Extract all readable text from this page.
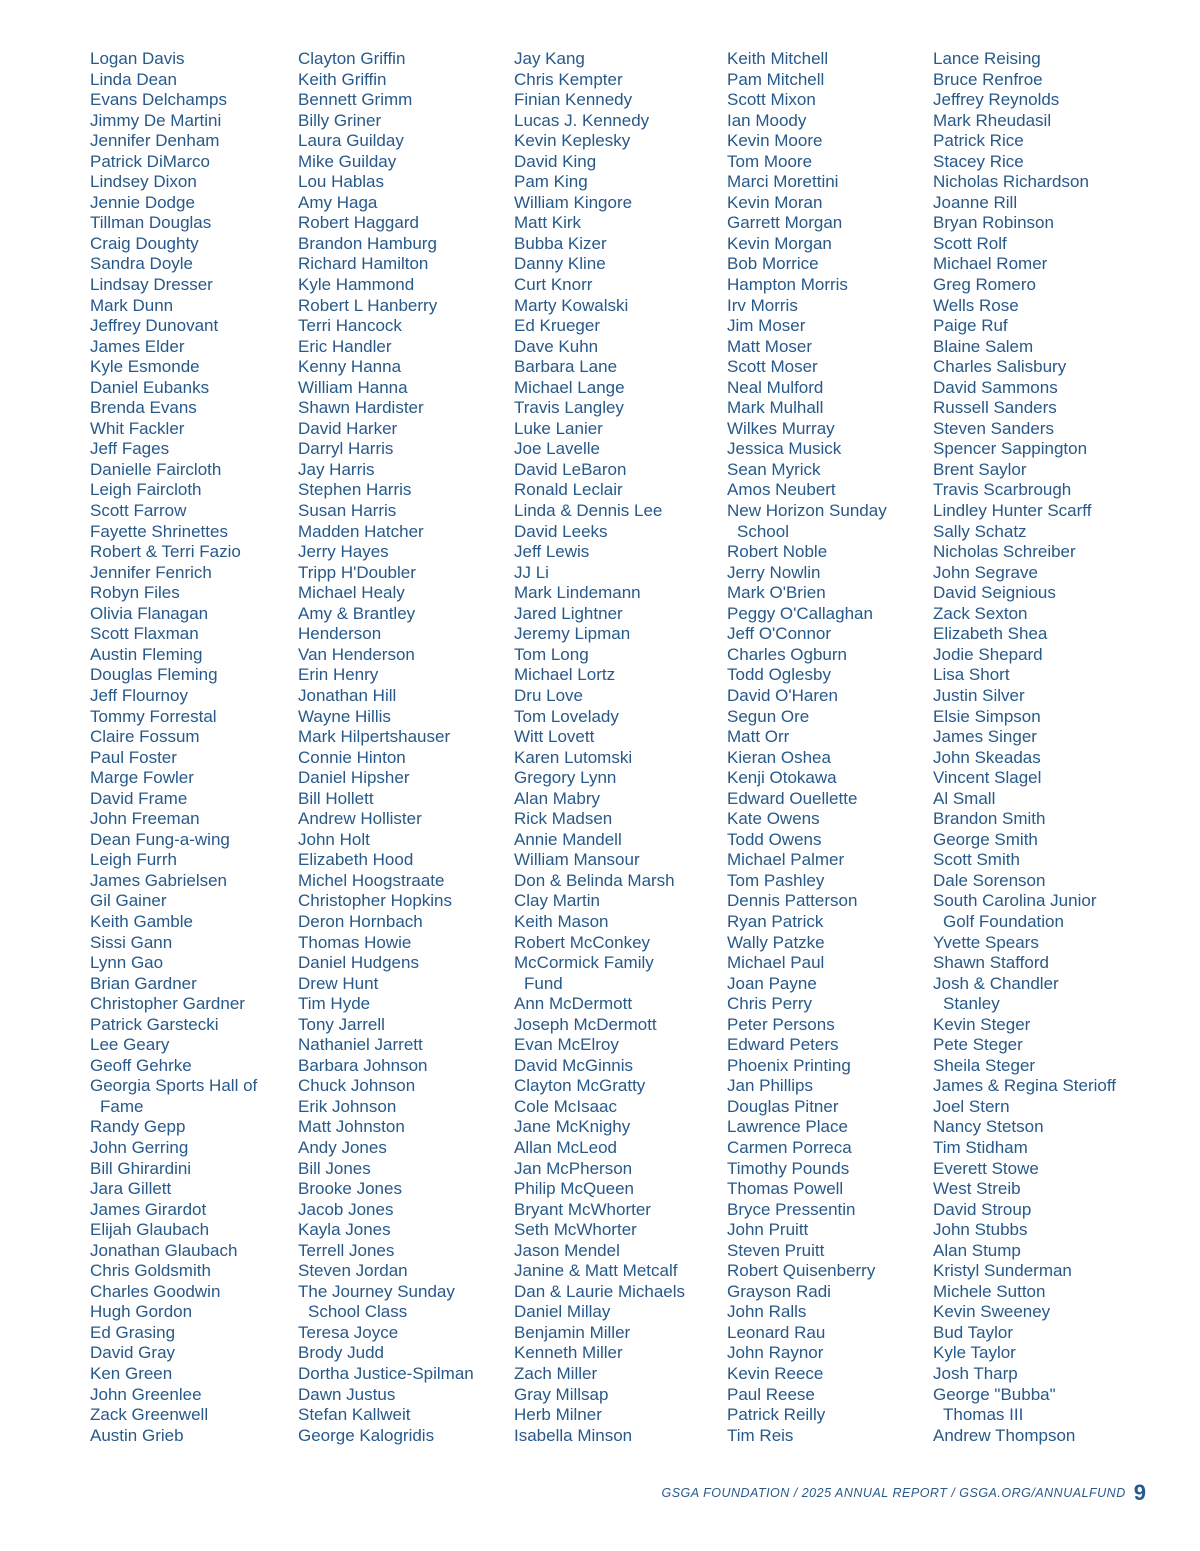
Logan Davis
Linda Dean
Evans Delchamps
Jimmy De Martini
Jennifer Denham
Patrick DiMarco
Lindsey Dixon
Jennie Dodge
Tillman Douglas
Craig Doughty
Sandra Doyle
Lindsay Dresser
Mark Dunn
Jeffrey Dunovant
James Elder
Kyle Esmonde
Daniel Eubanks
Brenda Evans
Whit Fackler
Jeff Fages
Danielle Faircloth
Leigh Faircloth
Scott Farrow
Fayette Shrinettes
Robert & Terri Fazio
Jennifer Fenrich
Robyn Files
Olivia Flanagan
Scott Flaxman
Austin Fleming
Douglas Fleming
Jeff Flournoy
Tommy Forrestal
Claire Fossum
Paul Foster
Marge Fowler
David Frame
John Freeman
Dean Fung-a-wing
Leigh Furrh
James Gabrielsen
Gil Gainer
Keith Gamble
Sissi Gann
Lynn Gao
Brian Gardner
Christopher Gardner
Patrick Garstecki
Lee Geary
Geoff Gehrke
Georgia Sports Hall of
Fame
Randy Gepp
John Gerring
Bill Ghirardini
Jara Gillett
James Girardot
Elijah Glaubach
Jonathan Glaubach
Chris Goldsmith
Charles Goodwin
Hugh Gordon
Ed Grasing
David Gray
Ken Green
John Greenlee
Zack Greenwell
Austin Grieb
Clayton Griffin
Keith Griffin
Bennett Grimm
Billy Griner
Laura Guilday
Mike Guilday
Lou Hablas
Amy Haga
Robert Haggard
Brandon Hamburg
Richard Hamilton
Kyle Hammond
Robert L Hanberry
Terri Hancock
Eric Handler
Kenny Hanna
William Hanna
Shawn Hardister
David Harker
Darryl Harris
Jay Harris
Stephen Harris
Susan Harris
Madden Hatcher
Jerry Hayes
Tripp H'Doubler
Michael Healy
Amy & Brantley
Henderson
Van Henderson
Erin Henry
Jonathan Hill
Wayne Hillis
Mark Hilpertshauser
Connie Hinton
Daniel Hipsher
Bill Hollett
Andrew Hollister
John Holt
Elizabeth Hood
Michel Hoogstraate
Christopher Hopkins
Deron Hornbach
Thomas Howie
Daniel Hudgens
Drew Hunt
Tim Hyde
Tony Jarrell
Nathaniel Jarrett
Barbara Johnson
Chuck Johnson
Erik Johnson
Matt Johnston
Andy Jones
Bill Jones
Brooke Jones
Jacob Jones
Kayla Jones
Terrell Jones
Steven Jordan
The Journey Sunday
School Class
Teresa Joyce
Brody Judd
Dortha Justice-Spilman
Dawn Justus
Stefan Kallweit
George Kalogridis
Jay Kang
Chris Kempter
Finian Kennedy
Lucas J. Kennedy
Kevin Keplesky
David King
Pam King
William Kingore
Matt Kirk
Bubba Kizer
Danny Kline
Curt Knorr
Marty Kowalski
Ed Krueger
Dave Kuhn
Barbara Lane
Michael Lange
Travis Langley
Luke Lanier
Joe Lavelle
David LeBaron
Ronald Leclair
Linda & Dennis Lee
David Leeks
Jeff Lewis
JJ Li
Mark Lindemann
Jared Lightner
Jeremy Lipman
Tom Long
Michael Lortz
Dru Love
Tom Lovelady
Witt Lovett
Karen Lutomski
Gregory Lynn
Alan Mabry
Rick Madsen
Annie Mandell
William Mansour
Don & Belinda Marsh
Clay Martin
Keith Mason
Robert McConkey
McCormick Family
Fund
Ann McDermott
Joseph McDermott
Evan McElroy
David McGinnis
Clayton McGratty
Cole McIsaac
Jane McKnighy
Allan McLeod
Jan McPherson
Philip McQueen
Bryant McWhorter
Seth McWhorter
Jason Mendel
Janine & Matt Metcalf
Dan & Laurie Michaels
Daniel Millay
Benjamin Miller
Kenneth Miller
Zach Miller
Gray Millsap
Herb Milner
Isabella Minson
Keith Mitchell
Pam Mitchell
Scott Mixon
Ian Moody
Kevin Moore
Tom Moore
Marci Morettini
Kevin Moran
Garrett Morgan
Kevin Morgan
Bob Morrice
Hampton Morris
Irv Morris
Jim Moser
Matt Moser
Scott Moser
Neal Mulford
Mark Mulhall
Wilkes Murray
Jessica Musick
Sean Myrick
Amos Neubert
New Horizon Sunday
School
Robert Noble
Jerry Nowlin
Mark O'Brien
Peggy O'Callaghan
Jeff O'Connor
Charles Ogburn
Todd Oglesby
David O'Haren
Segun Ore
Matt Orr
Kieran Oshea
Kenji Otokawa
Edward Ouellette
Kate Owens
Todd Owens
Michael Palmer
Tom Pashley
Dennis Patterson
Ryan Patrick
Wally Patzke
Michael Paul
Joan Payne
Chris Perry
Peter Persons
Edward Peters
Phoenix Printing
Jan Phillips
Douglas Pitner
Lawrence Place
Carmen Porreca
Timothy Pounds
Thomas Powell
Bryce Pressentin
John Pruitt
Steven Pruitt
Robert Quisenberry
Grayson Radi
John Ralls
Leonard Rau
John Raynor
Kevin Reece
Paul Reese
Patrick Reilly
Tim Reis
Lance Reising
Bruce Renfroe
Jeffrey Reynolds
Mark Rheudasil
Patrick Rice
Stacey Rice
Nicholas Richardson
Joanne Rill
Bryan Robinson
Scott Rolf
Michael Romer
Greg Romero
Wells Rose
Paige Ruf
Blaine Salem
Charles Salisbury
David Sammons
Russell Sanders
Steven Sanders
Spencer Sappington
Brent Saylor
Travis Scarbrough
Lindley Hunter Scarff
Sally Schatz
Nicholas Schreiber
John Segrave
David Seignious
Zack Sexton
Elizabeth Shea
Jodie Shepard
Lisa Short
Justin Silver
Elsie Simpson
James Singer
John Skeadas
Vincent Slagel
Al Small
Brandon Smith
George Smith
Scott Smith
Dale Sorenson
South Carolina Junior
Golf Foundation
Yvette Spears
Shawn Stafford
Josh & Chandler
Stanley
Kevin Steger
Pete Steger
Sheila Steger
James & Regina Sterioff
Joel Stern
Nancy Stetson
Tim Stidham
Everett Stowe
West Streib
David Stroup
John Stubbs
Alan Stump
Kristyl Sunderman
Michele Sutton
Kevin Sweeney
Bud Taylor
Kyle Taylor
Josh Tharp
George "Bubba"
Thomas III
Andrew Thompson
GSGA FOUNDATION / 2025 ANNUAL REPORT / GSGA.ORG/ANNUALFUND 9
